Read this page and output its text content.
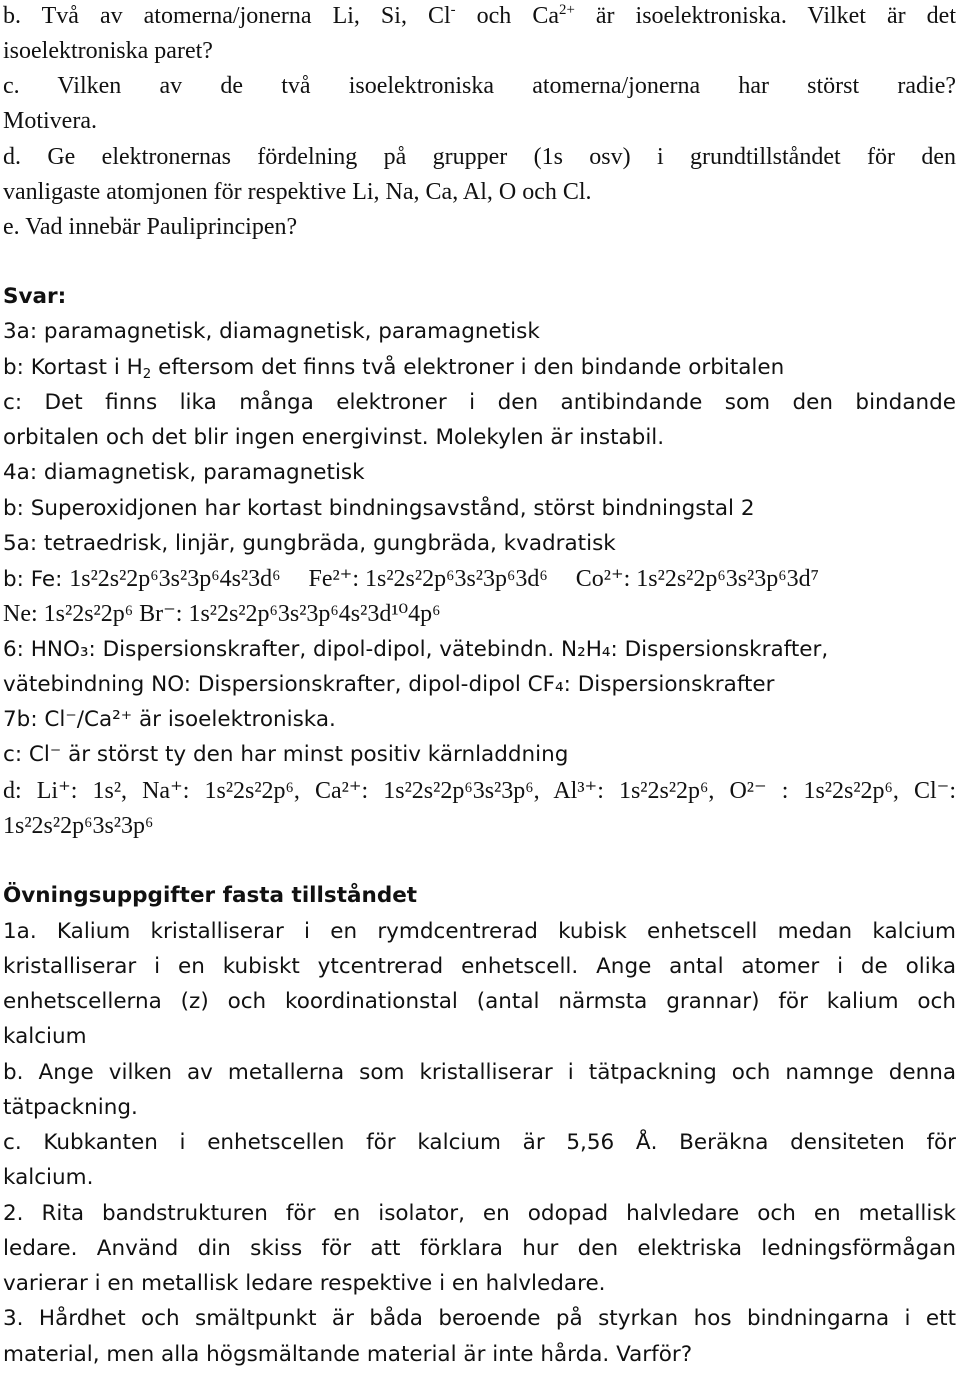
b. Två av atomerna/jonerna Li, Si, Cl- och $Ca^{2+}$ är isoelektroniska. Vilket är det
isoelektroniska paret?
c. Vilken av de två isoelektroniska atomerna/jonerna har störst radie?
Motivera.
d. Ge elektronernas fördelning på grupper (1s osv) i grundtillståndet för den
vanligaste atomjonen för respektive Li, Na, Ca, Al, O och Cl.
e. Vad innebär Pauliprincipen?
Svar:
3a: paramagnetisk, diamagnetisk, paramagnetisk
b: Kortast i $H_2$ eftersom det finns två elektroner i den bindande orbitalen
c: Det finns lika många elektroner i den antibindande som den bindande
orbitalen och det blir ingen energivinst. Molekylen är instabil.
4a: diamagnetisk, paramagnetisk
b: Superoxidjonen har kortast bindningsavstånd, störst bindningstal 2
5a: tetraedrisk, linjär, gungbräda, gungbräda, kvadratisk
b: Fe: 1s²2s²2p⁶3s²3p⁶4s²3d⁶ Fe²⁺: 1s²2s²2p⁶3s²3p⁶3d⁶ Co²⁺: 1s²2s²2p⁶3s²3p⁶3d⁷
Ne: 1s²2s²2p⁶ Br⁻: 1s²2s²2p⁶3s²3p⁶4s²3d¹⁰4p⁶
6: HNO₃: Dispersionskrafter, dipol-dipol, vätebindn. N₂H₄: Dispersionskrafter,
vätebindning NO: Dispersionskrafter, dipol-dipol CF₄: Dispersionskrafter
7b: Cl⁻/Ca²⁺ är isoelektroniska.
c: Cl⁻ är störst ty den har minst positiv kärnladdning
d: Li⁺: 1s², Na⁺: 1s²2s²2p⁶, Ca²⁺: 1s²2s²2p⁶3s²3p⁶, Al³⁺: 1s²2s²2p⁶, O²⁻ : 1s²2s²2p⁶, Cl⁻:
1s²2s²2p⁶3s²3p⁶
Övningsuppgifter fasta tillståndet
1a. Kalium kristalliserar i en rymdcentrerad kubisk enhetscell medan kalcium
kristalliserar i en kubiskt ytcentrerad enhetscell. Ange antal atomer i de olika
enhetscellerna (z) och koordinationstal (antal närmsta grannar) för kalium och
kalcium
b. Ange vilken av metallerna som kristalliserar i tätpackning och namnge denna
tätpackning.
c. Kubkanten i enhetscellen för kalcium är 5,56 Å. Beräkna densiteten för
kalcium.
2. Rita bandstrukturen för en isolator, en odopad halvledare och en metallisk
ledare. Använd din skiss för att förklara hur den elektriska ledningsförmågan
varierar i en metallisk ledare respektive i en halvledare.
3. Hårdhet och smältpunkt är båda beroende på styrkan hos bindningarna i ett
material, men alla högsmältande material är inte hårda. Varför?
